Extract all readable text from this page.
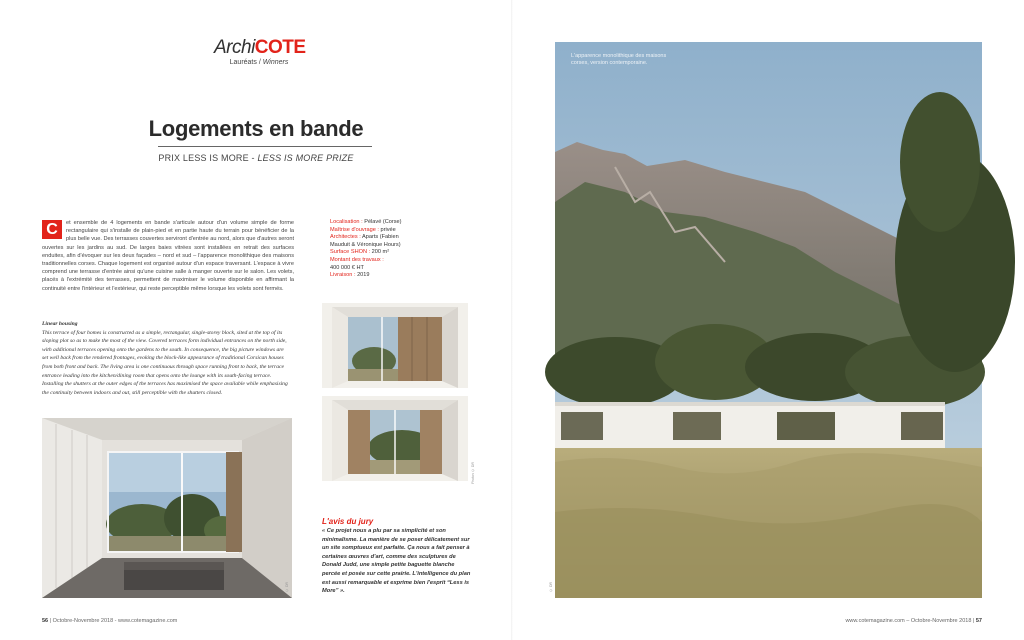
ArchiCOTE
Lauréats / Winners
Logements en bande
PRIX LESS IS MORE - LESS IS MORE PRIZE
C	et ensemble de 4 logements en bande s'articule autour d'un volume simple de forme rectangulaire qui s'installe de plain-pied et en partie haute du terrain pour bénéficier de la plus belle vue. Des terrasses couvertes serviront d'entrée au nord, alors que d'autres seront ouvertes sur les jardins au sud. De larges baies vitrées sont installées en retrait des surfaces enduites, afin d'évoquer sur les deux façades – nord et sud – l'apparence monolithique des maisons traditionnelles corses. Chaque logement est organisé autour d'un espace traversant. L'espace à vivre comprend une terrasse d'entrée ainsi qu'une cuisine salle à manger ouverte sur le salon. Les volets, placés à l'extrémité des terrasses, permettent de maximiser le volume disponible en affirmant la continuité entre l'intérieur et l'extérieur, qui reste perceptible même lorsque les volets sont fermés.
Localisation : Pélavé (Corse)
Maîtrise d'ouvrage : privée
Architectes : Aparts (Fabien Mauduit & Véronique Hours)
Surface SHON : 200 m²
Montant des travaux :
400 000 € HT
Livraison : 2019
Linear housing
This terrace of four homes is constructed as a simple, rectangular, single-storey block, sited at the top of its sloping plot so as to make the most of the view. Covered terraces form individual entrances on the north side, with additional terraces opening onto the gardens to the south. In consequence, the big picture windows are set well back from the rendered frontages, evoking the block-like appearance of traditional Corsican houses from both front and back. The living area is one continuous through space running front to back, the terrace entrance leading into the kitchen/dining room that opens onto the lounge with its south-facing terrace. Installing the shutters at the outer edges of the terraces has maximised the space available while emphasising the continuity between indoors and out, still perceptible with the shutters closed.
© DR
Photos © DR
L'avis du jury
« Ce projet nous a plu par sa simplicité et son minimalisme. La manière de se poser délicatement sur un site somptueux est parfaite. Ça nous a fait penser à certaines œuvres d'art, comme des sculptures de Donald Judd, une simple petite baguette blanche percée et posée sur cette prairie. L'intelligence du plan est aussi remarquable et exprime bien l'esprit “Less is More” ».	© DR
L'apparence monolithique des maisons corses, version contemporaine.
56 | Octobre-Novembre 2018 - www.cotemagazine.com	www.cotemagazine.com – Octobre-Novembre 2018 | 57
